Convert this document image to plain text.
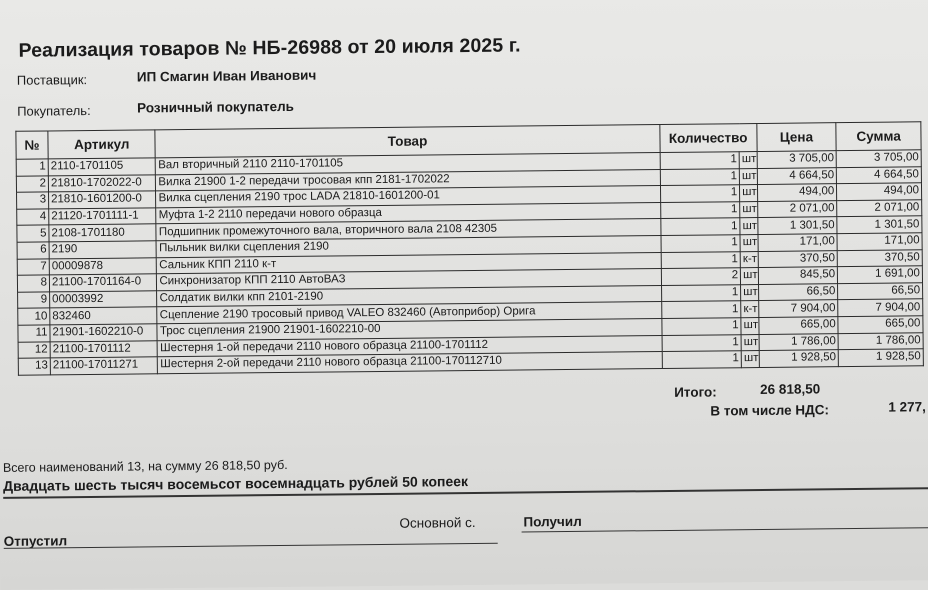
Реализация товаров № НБ-26988 от 20 июля 2025 г.
Поставщик:	ИП Смагин Иван Иванович
Покупатель:	Розничный покупатель
№	Артикул	Товар	Количество		Цена	Сумма
1	2110-1701105	Вал вторичный 2110 2110-1701105	1	шт	3 705,00	3 705,00
2	21810-1702022-0	Вилка 21900 1-2 передачи тросовая кпп 2181-1702022	1	шт	4 664,50	4 664,50
3	21810-1601200-0	Вилка сцепления 2190 трос LADA 21810-1601200-01	1	шт	494,00	494,00
4	21120-1701111-1	Муфта 1-2 2110 передачи нового образца	1	шт	2 071,00	2 071,00
5	2108-1701180	Подшипник промежуточного вала, вторичного вала 2108 42305	1	шт	1 301,50	1 301,50
6	2190	Пыльник вилки сцепления 2190	1	шт	171,00	171,00
7	00009878	Сальник КПП 2110 к-т	1	к-т	370,50	370,50
8	21100-1701164-0	Синхронизатор КПП 2110 АвтоВАЗ	2	шт	845,50	1 691,00
9	00003992	Солдатик вилки кпп 2101-2190	1	шт	66,50	66,50
10	832460	Сцепление 2190 тросовый привод VALEO 832460 (Автоприбор) Орига	1	к-т	7 904,00	7 904,00
11	21901-1602210-0	Трос сцепления 21900 21901-1602210-00	1	шт	665,00	665,00
12	21100-1701112	Шестерня 1-ой передачи 2110 нового образца 21100-1701112	1	шт	1 786,00	1 786,00
13	21100-17011271	Шестерня 2-ой передачи 2110 нового образца 21100-170112710	1	шт	1 928,50	1 928,50
Итого:	26 818,50
В том числе НДС:	1 277,
Всего наименований 13, на сумму 26 818,50 руб.
Двадцать шесть тысяч восемьсот восемнадцать рублей 50 копеек
Отпустил
Основной с.	Получил
